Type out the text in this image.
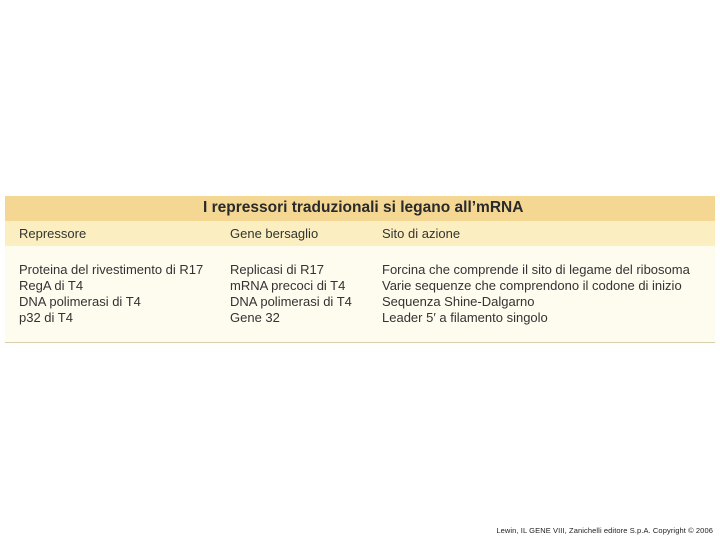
I repressori traduzionali si legano all’mRNA
Repressore	Gene bersaglio	Sito di azione
Proteina del rivestimento di R17
RegA di T4
DNA polimerasi di T4
p32 di T4
Replicasi di R17
mRNA precoci di T4
DNA polimerasi di T4
Gene 32
Forcina che comprende il sito di legame del ribosoma
Varie sequenze che comprendono il codone di inizio
Sequenza Shine-Dalgarno
Leader 5′ a filamento singolo
Lewin, IL GENE VIII, Zanichelli editore S.p.A. Copyright © 2006
